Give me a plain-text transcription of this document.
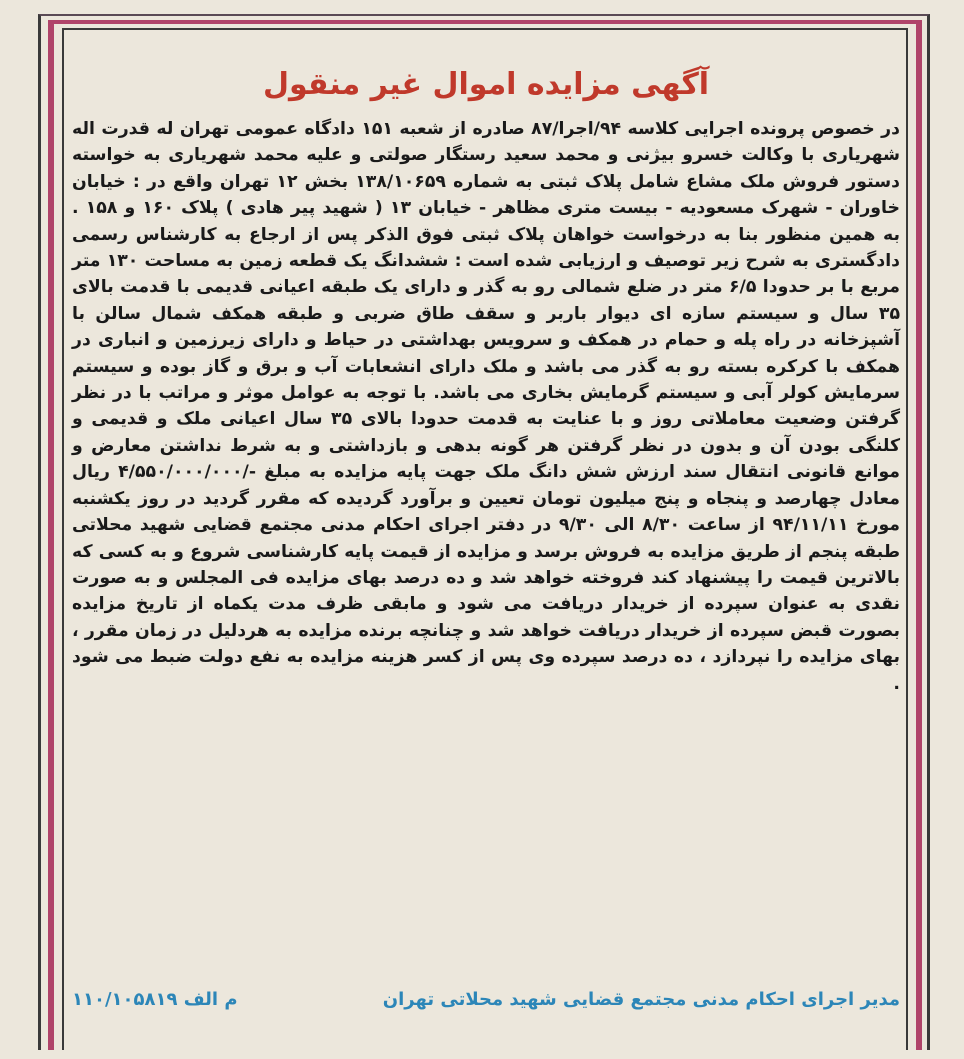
آگهی مزایده اموال غیر منقول

در خصوص پرونده اجرایی کلاسه ۹۴/اجرا/۸۷ صادره از شعبه ۱۵۱ دادگاه عمومی تهران له قدرت اله شهریاری با وکالت خسرو بیژنی و محمد سعید رستگار صولتی و علیه محمد شهریاری به خواسته دستور فروش ملک مشاع شامل پلاک ثبتی به شماره ۱۳۸/۱۰۶۵۹ بخش ۱۲ تهران واقع در : خیابان خاوران - شهرک مسعودیه - بیست متری مظاهر - خیابان ۱۳ ( شهید پیر هادی ) پلاک ۱۶۰ و ۱۵۸ . به همین منظور بنا به درخواست خواهان پلاک ثبتی فوق الذکر پس از ارجاع به کارشناس رسمی دادگستری به شرح زیر توصیف و ارزیابی شده است : ششدانگ یک قطعه زمین به مساحت ۱۳۰ متر مربع با بر حدودا ۶/۵ متر در ضلع شمالی رو به گذر و دارای یک طبقه اعیانی قدیمی با قدمت بالای ۳۵ سال و سیستم سازه ای دیوار باربر و سقف طاق ضربی و طبقه همکف شمال سالن با آشپزخانه در راه پله و حمام در همکف و سرویس بهداشتی در حیاط و دارای زیرزمین و انباری در همکف با کرکره بسته رو به گذر می باشد و ملک دارای انشعابات آب و برق و گاز بوده و سیستم سرمایش کولر آبی و سیستم گرمایش بخاری می باشد. با توجه به عوامل موثر و مراتب با در نظر گرفتن وضعیت معاملاتی روز و با عنایت به قدمت حدودا بالای ۳۵ سال اعیانی ملک و قدیمی و کلنگی بودن آن و بدون در نظر گرفتن هر گونه بدهی و بازداشتی و به شرط نداشتن معارض و موانع قانونی انتقال سند ارزش شش دانگ ملک جهت پایه مزایده به مبلغ -/۴/۵۵۰/۰۰۰/۰۰۰ ریال معادل چهارصد و پنجاه و پنج میلیون تومان تعیین و برآورد گردیده که مقرر گردید در روز یکشنبه مورخ ۹۴/۱۱/۱۱ از ساعت ۸/۳۰ الی ۹/۳۰ در دفتر اجرای احکام مدنی مجتمع قضایی شهید محلاتی طبقه پنجم از طریق مزایده به فروش برسد و مزایده از قیمت پایه کارشناسی شروع و به کسی که بالاترین قیمت را پیشنهاد کند فروخته خواهد شد و ده درصد بهای مزایده فی المجلس و به صورت نقدی به عنوان سپرده از خریدار دریافت می شود و مابقی ظرف مدت یکماه از تاریخ مزایده بصورت قبض سپرده از خریدار دریافت خواهد شد و چنانچه برنده مزایده به هردلیل در زمان مقرر ، بهای مزایده را نپردازد ، ده درصد سپرده وی پس از کسر هزینه مزایده به نفع دولت ضبط می شود .

مدیر اجرای احکام مدنی مجتمع قضایی شهید محلاتی تهران
م الف ۱۱۰/۱۰۵۸۱۹
